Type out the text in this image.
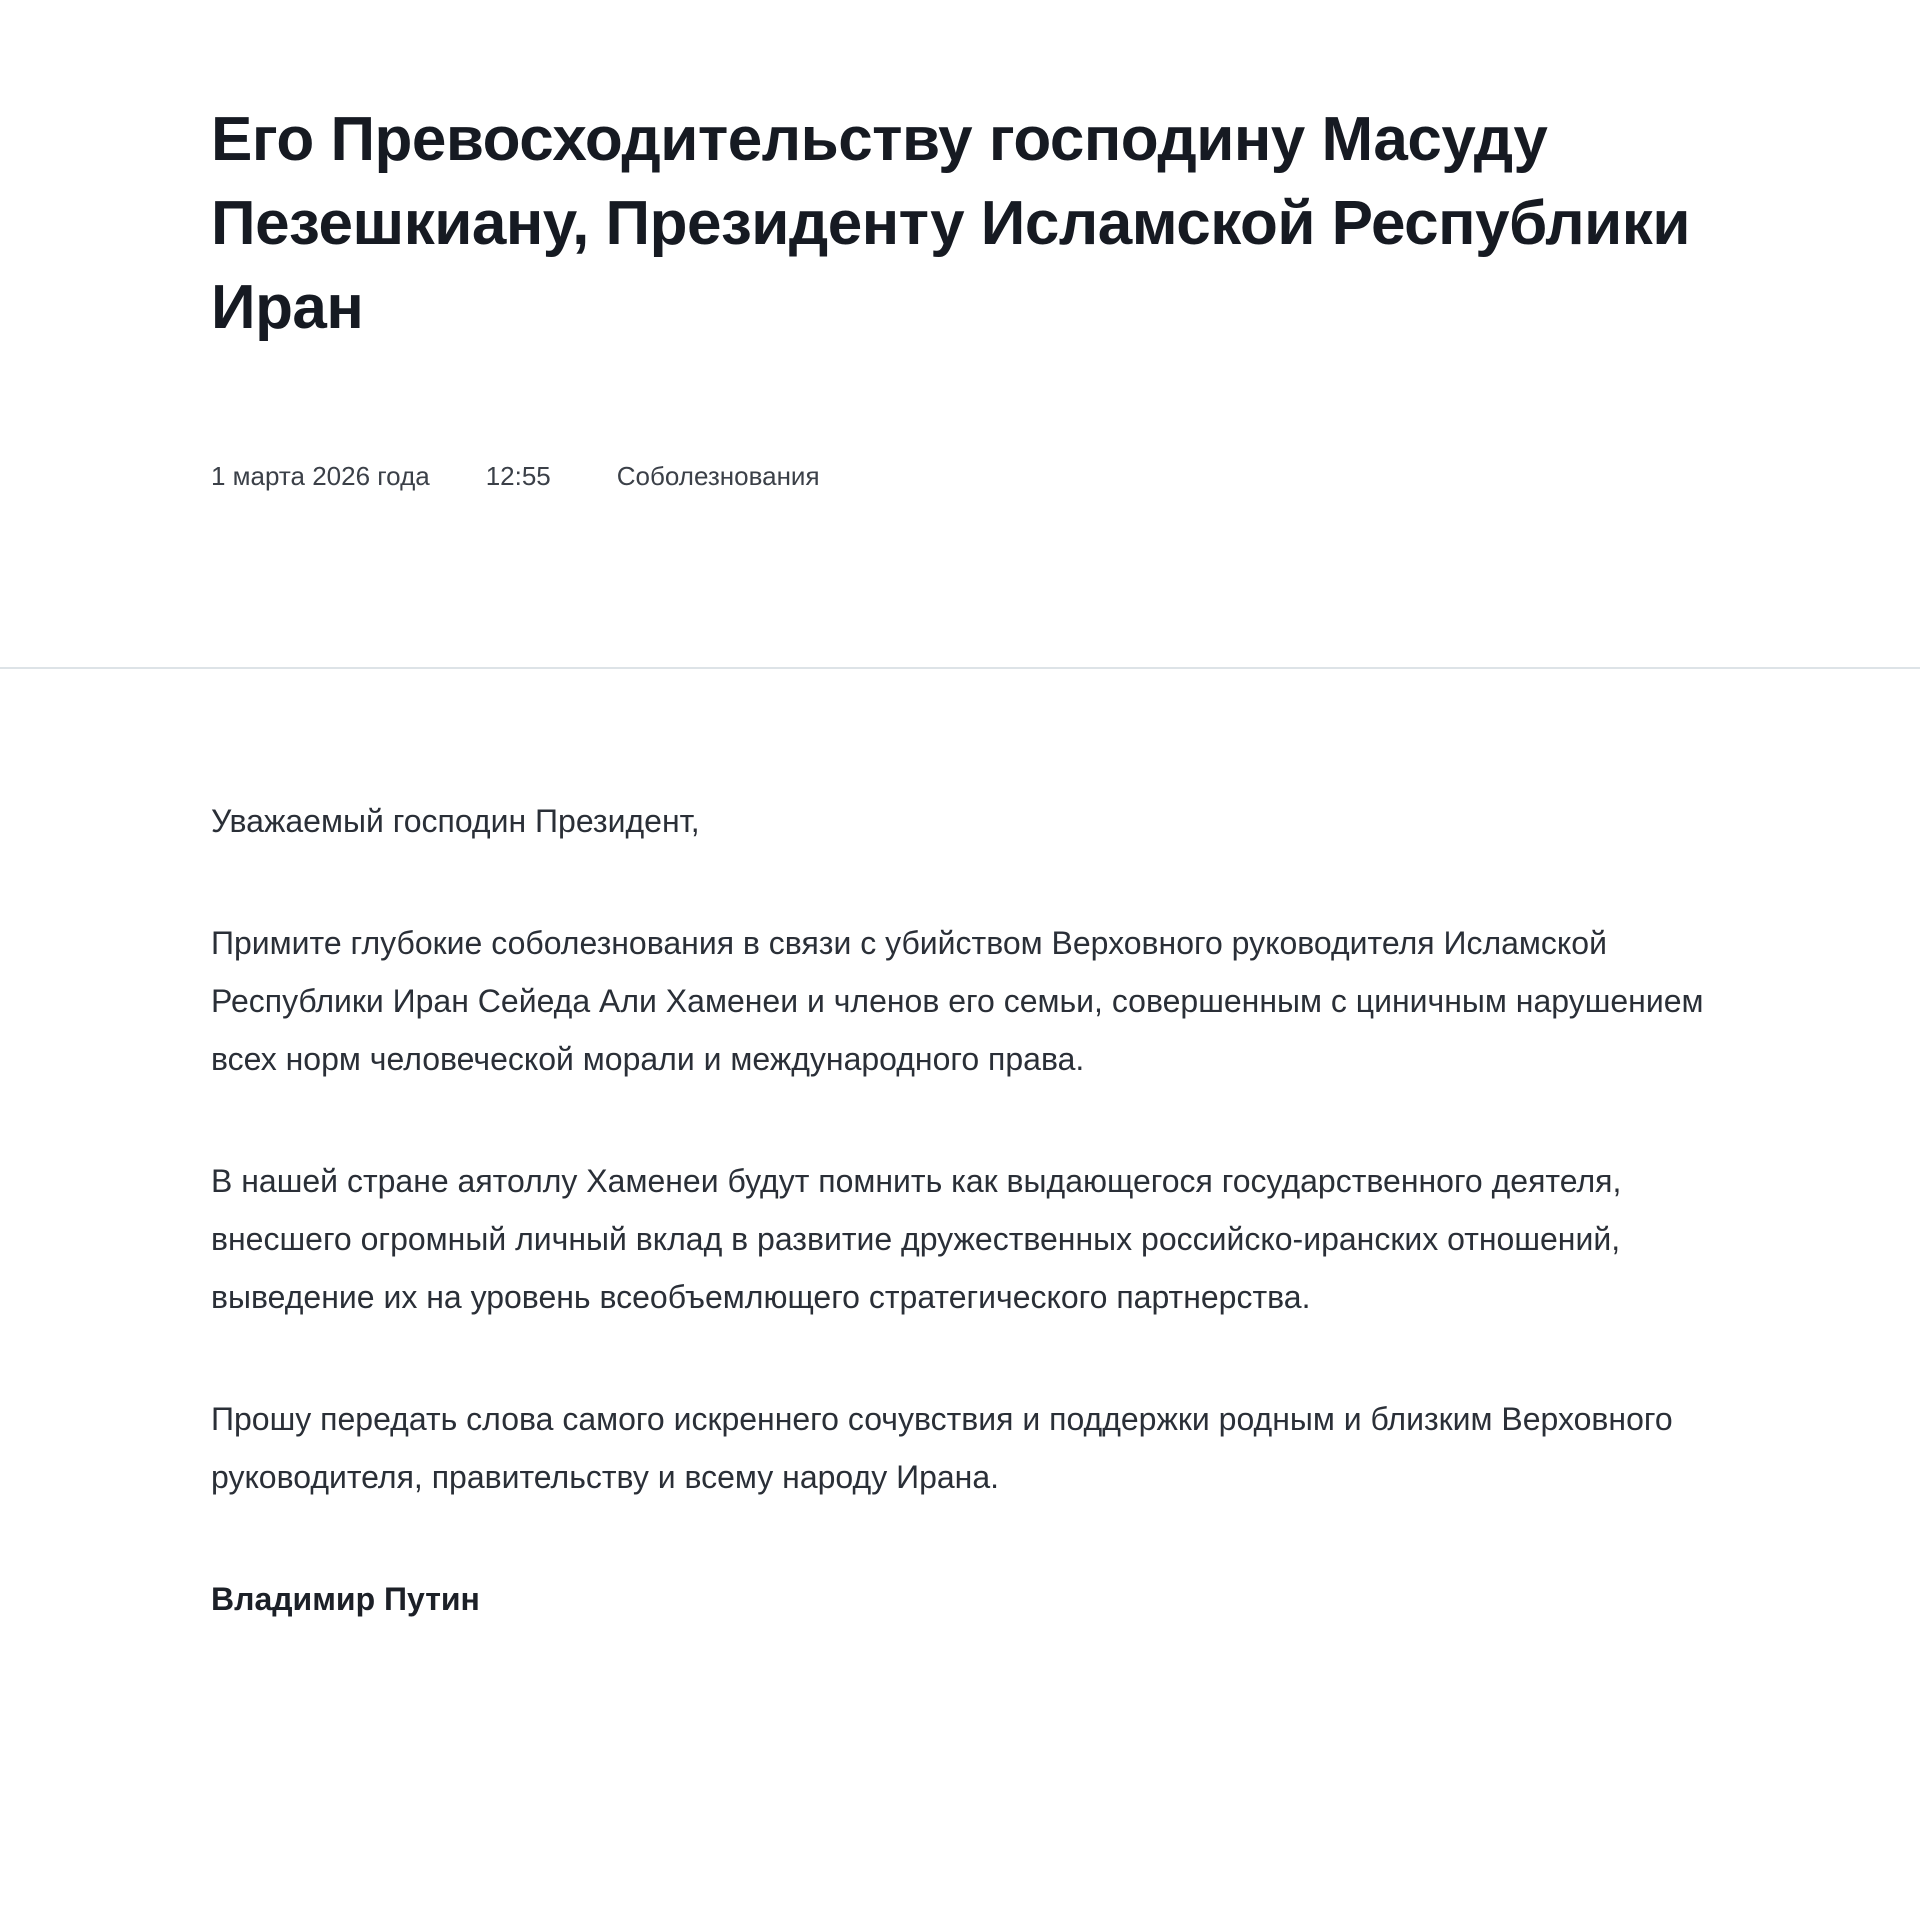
Его Превосходительству господину Масуду Пезешкиану, Президенту Исламской Республики Иран
1 марта 2026 года 12:55	Соболезнования

Уважаемый господин Президент,

Примите глубокие соболезнования в связи с убийством Верховного руководителя Исламской Республики Иран Сейеда Али Хаменеи и членов его семьи, совершенным с циничным нарушением всех норм человеческой морали и международного права.

В нашей стране аятоллу Хаменеи будут помнить как выдающегося государственного деятеля, внесшего огромный личный вклад в развитие дружественных российско-иранских отношений, выведение их на уровень всеобъемлющего стратегического партнерства.

Прошу передать слова самого искреннего сочувствия и поддержки родным и близким Верховного руководителя, правительству и всему народу Ирана.

Владимир Путин
